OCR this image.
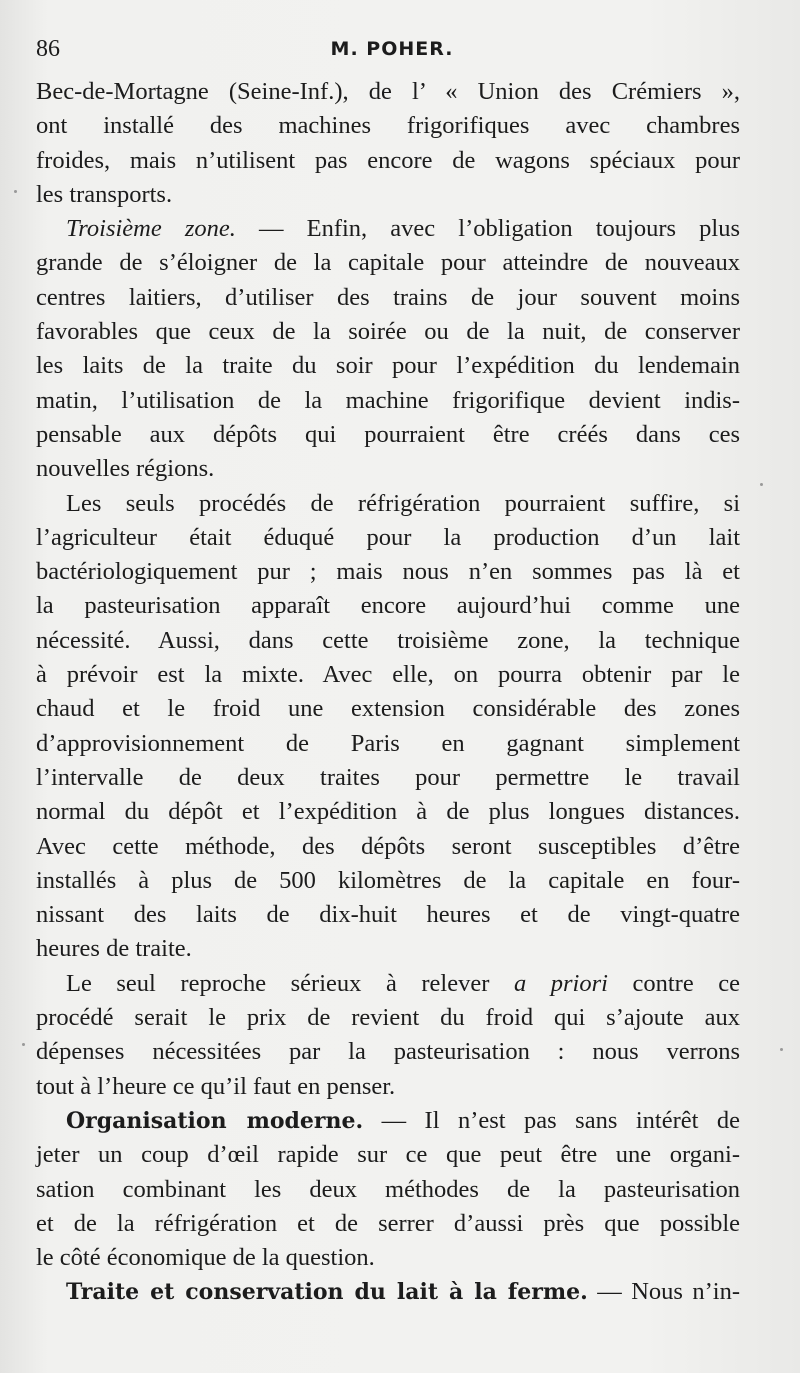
86	M. POHER.
Bec-de-Mortagne (Seine-Inf.), de l’ « Union des Crémiers »,
ont installé des machines frigorifiques avec chambres
froides, mais n’utilisent pas encore de wagons spéciaux pour
les transports.
Troisième zone. — Enfin, avec l’obligation toujours plus
grande de s’éloigner de la capitale pour atteindre de nouveaux
centres laitiers, d’utiliser des trains de jour souvent moins
favorables que ceux de la soirée ou de la nuit, de conserver
les laits de la traite du soir pour l’expédition du lendemain
matin, l’utilisation de la machine frigorifique devient indis-
pensable aux dépôts qui pourraient être créés dans ces
nouvelles régions.
Les seuls procédés de réfrigération pourraient suffire, si
l’agriculteur était éduqué pour la production d’un lait
bactériologiquement pur ; mais nous n’en sommes pas là et
la pasteurisation apparaît encore aujourd’hui comme une
nécessité. Aussi, dans cette troisième zone, la technique
à prévoir est la mixte. Avec elle, on pourra obtenir par le
chaud et le froid une extension considérable des zones
d’approvisionnement de Paris en gagnant simplement
l’intervalle de deux traites pour permettre le travail
normal du dépôt et l’expédition à de plus longues distances.
Avec cette méthode, des dépôts seront susceptibles d’être
installés à plus de 500 kilomètres de la capitale en four-
nissant des laits de dix-huit heures et de vingt-quatre
heures de traite.
Le seul reproche sérieux à relever a priori contre ce
procédé serait le prix de revient du froid qui s’ajoute aux
dépenses nécessitées par la pasteurisation : nous verrons
tout à l’heure ce qu’il faut en penser.
Organisation moderne. — Il n’est pas sans intérêt de
jeter un coup d’œil rapide sur ce que peut être une organi-
sation combinant les deux méthodes de la pasteurisation
et de la réfrigération et de serrer d’aussi près que possible
le côté économique de la question.
Traite et conservation du lait à la ferme. — Nous n’in-
